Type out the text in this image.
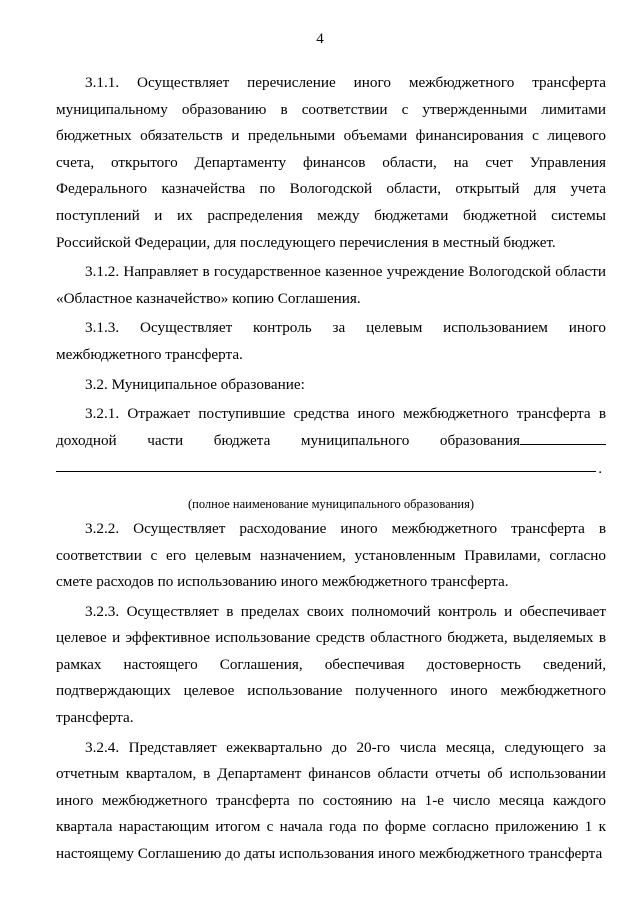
4

3.1.1. Осуществляет перечисление иного межбюджетного трансферта муниципальному образованию в соответствии с утвержденными лимитами бюджетных обязательств и предельными объемами финансирования с лицевого счета, открытого Департаменту финансов области, на счет Управления Федерального казначейства по Вологодской области, открытый для учета поступлений и их распределения между бюджетами бюджетной системы Российской Федерации, для последующего перечисления в местный бюджет.

3.1.2. Направляет в государственное казенное учреждение Вологодской области «Областное казначейство» копию Соглашения.

3.1.3. Осуществляет контроль за целевым использованием иного межбюджетного трансферта.

3.2. Муниципальное образование:

3.2.1. Отражает поступившие средства иного межбюджетного трансферта в доходной части бюджета муниципального образования

.

(полное наименование муниципального образования)

3.2.2. Осуществляет расходование иного межбюджетного трансферта в соответствии с его целевым назначением, установленным Правилами, согласно смете расходов по использованию иного межбюджетного трансферта.

3.2.3. Осуществляет в пределах своих полномочий контроль и обеспечивает целевое и эффективное использование средств областного бюджета, выделяемых в рамках настоящего Соглашения, обеспечивая достоверность сведений, подтверждающих целевое использование полученного иного межбюджетного трансферта.

3.2.4. Представляет ежеквартально до 20-го числа месяца, следующего за отчетным кварталом, в Департамент финансов области отчеты об использовании иного межбюджетного трансферта по состоянию на 1-е число месяца каждого квартала нарастающим итогом с начала года по форме согласно приложению 1 к настоящему Соглашению до даты использования иного межбюджетного трансферта
